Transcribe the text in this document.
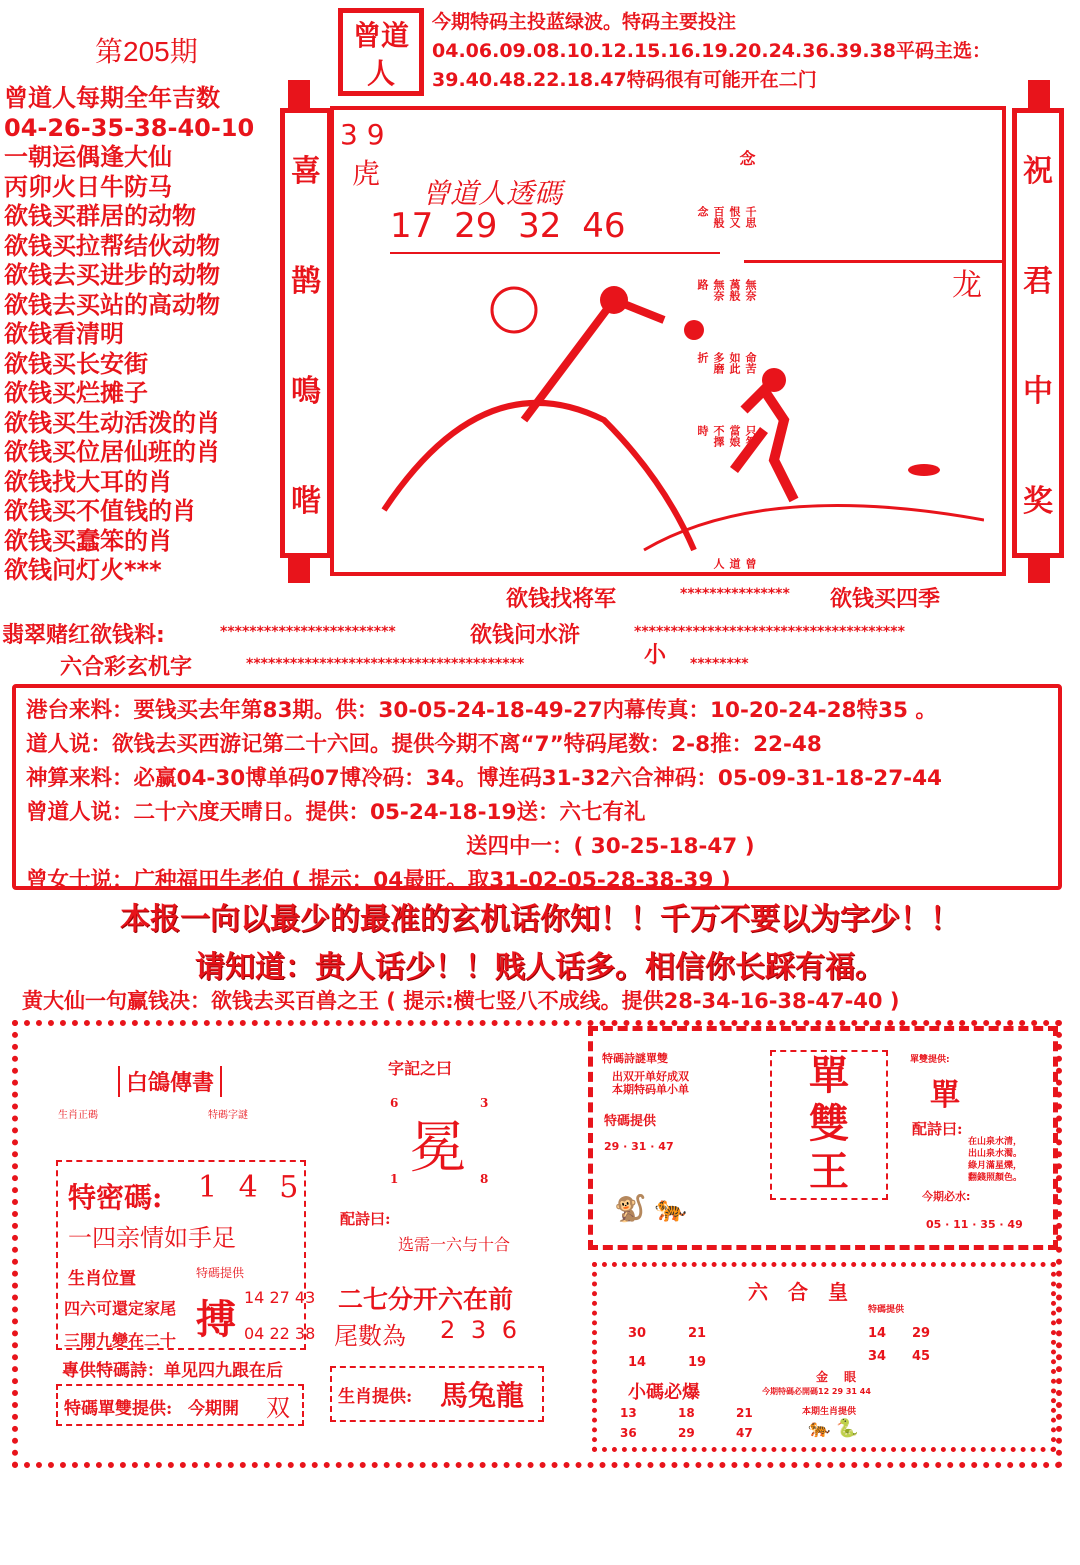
第205期	曾道人
今期特码主投蓝绿波。特码主要投注04.06.09.08.10.12.15.16.19.20.24.36.39.38平码主选：39.40.48.22.18.47特码很有可能开在二门
曾道人每期全年吉数
04-26-35-38-40-10
一朝运偶逢大仙
丙卯火日牛防马
欲钱买群居的动物
欲钱买拉帮结伙动物
欲钱去买进步的动物
欲钱去买站的高动物
欲钱看清明
欲钱买长安街
欲钱买烂摊子
欲钱买生动活泼的肖
欲钱买位居仙班的肖
欲钱找大耳的肖
欲钱买不值钱的肖
欲钱买蠢笨的肖
欲钱问灯火***
喜
鹊
鳴
喈
3 9
虎
曾道人透碼
17 29 32 46
念
千思恨又百般念
無奈萬般無奈路
命苦如此多磨折
只怨當娘不擇時
曾道人
龙
祝
君
中
奖
欲钱找将军	*************** 欲钱买四季
翡翠赌红欲钱料:	************************	欲钱问水浒	*************************************
六合彩玄机字	**************************************	小 ********
港台来料：要钱买去年第83期。供：30-05-24-18-49-27内幕传真：10-20-24-28特35 。
道人说：欲钱去买西游记第二十六回。提供今期不离“7”特码尾数：2-8推：22-48
神算来料：必赢04-30博单码07博冷码：34。博连码31-32六合神码：05-09-31-18-27-44
曾道人说：二十六度天晴日。提供：05-24-18-19送：六七有礼
送四中一：( 30-25-18-47 )
曾女士说：广种福田牛老伯 ( 提示：04最旺。取31-02-05-28-38-39 )
本报一向以最少的最准的玄机话你知！！千万不要以为字少！！
请知道：贵人话少！！贱人话多。相信你长踩有福。
黄大仙一句赢钱决：欲钱去买百兽之王 ( 提示:横七竖八不成线。提供28-34-16-38-47-40 )
白鴿傳書
生肖正碼	特碼字謎
特密碼: 1 4 5
一四亲情如手足
生肖位置
四六可還定家尾
三開九變在二十
特碼提供
搏 14 27 43
04 22 38
專供特碼詩：单见四九跟在后
特碼單雙提供: 今期開 双
字記之曰
6	3
冕
1	8
配詩曰:
选需一六与十合
二七分开六在前
尾數為 2 3 6
生肖提供: 馬兔龍
特碼詩謎單雙
出双开单好成双
本期特码单小单
特碼提供
29 · 31 · 47
🐒 🐅
單
雙
王
單雙提供:
單
配詩曰:
在山泉水清，
出山泉水濁。
綠月滿星爍，
翻錢照顏色。
今期必水:
05 · 11 · 35 · 49
六合皇
30	21
14	19
小碼必爆
13	18	21
36	29	47
特碼提供
14	29
34	45
金眼
今期特碼必開碼12 29 31 44
本期生肖提供
🐅 🐍
